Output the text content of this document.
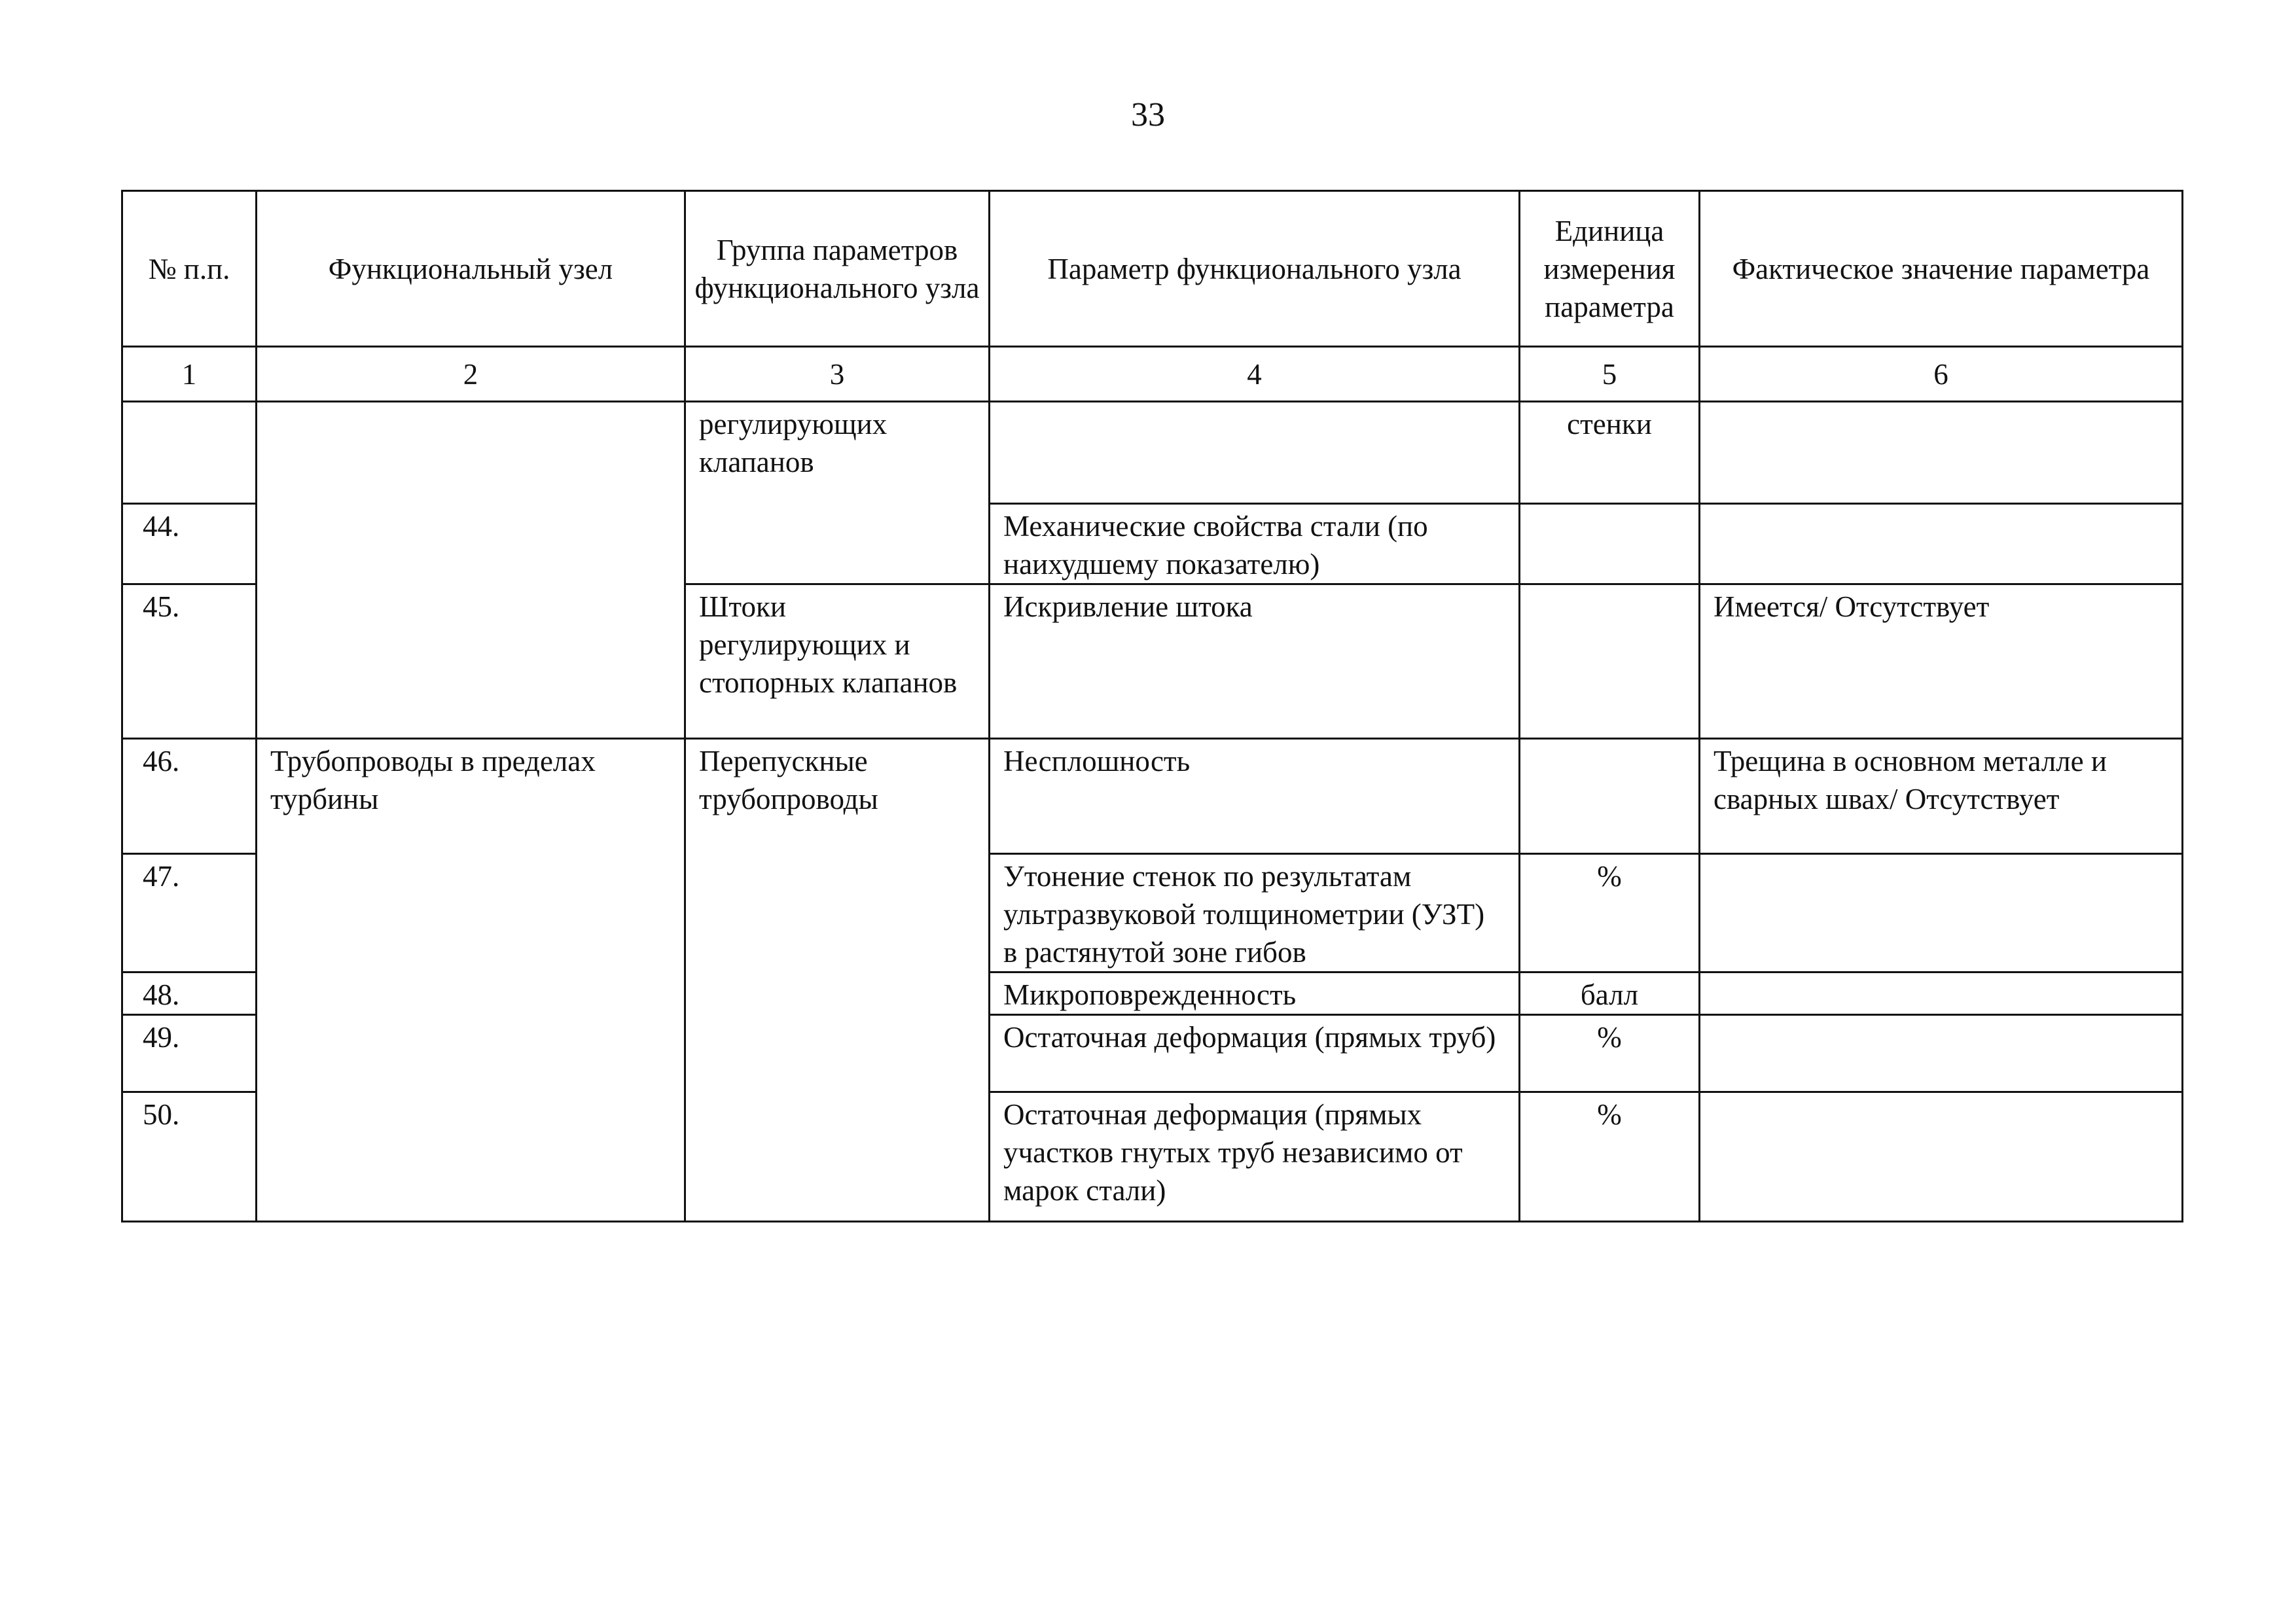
33
№ п.п.	Функциональный узел	Группа параметров функционального узла	Параметр функционального узла	Единица измерения параметра	Фактическое значение параметра
1	2	3	4	5	6
		регулирующих клапанов		стенки	
44.			Механические свойства стали (по наихудшему показателю)		
45.		Штоки регулирующих и стопорных клапанов	Искривление штока		Имеется/ Отсутствует
46.	Трубопроводы в пределах турбины	Перепускные трубопроводы	Несплошность		Трещина в основном металле и сварных швах/ Отсутствует
47.			Утонение стенок по результатам ультразвуковой толщинометрии (УЗТ) в растянутой зоне гибов	%	
48.			Микроповрежденность	балл	
49.			Остаточная деформация (прямых труб)	%	
50.			Остаточная деформация (прямых участков гнутых труб независимо от марок стали)	%	
